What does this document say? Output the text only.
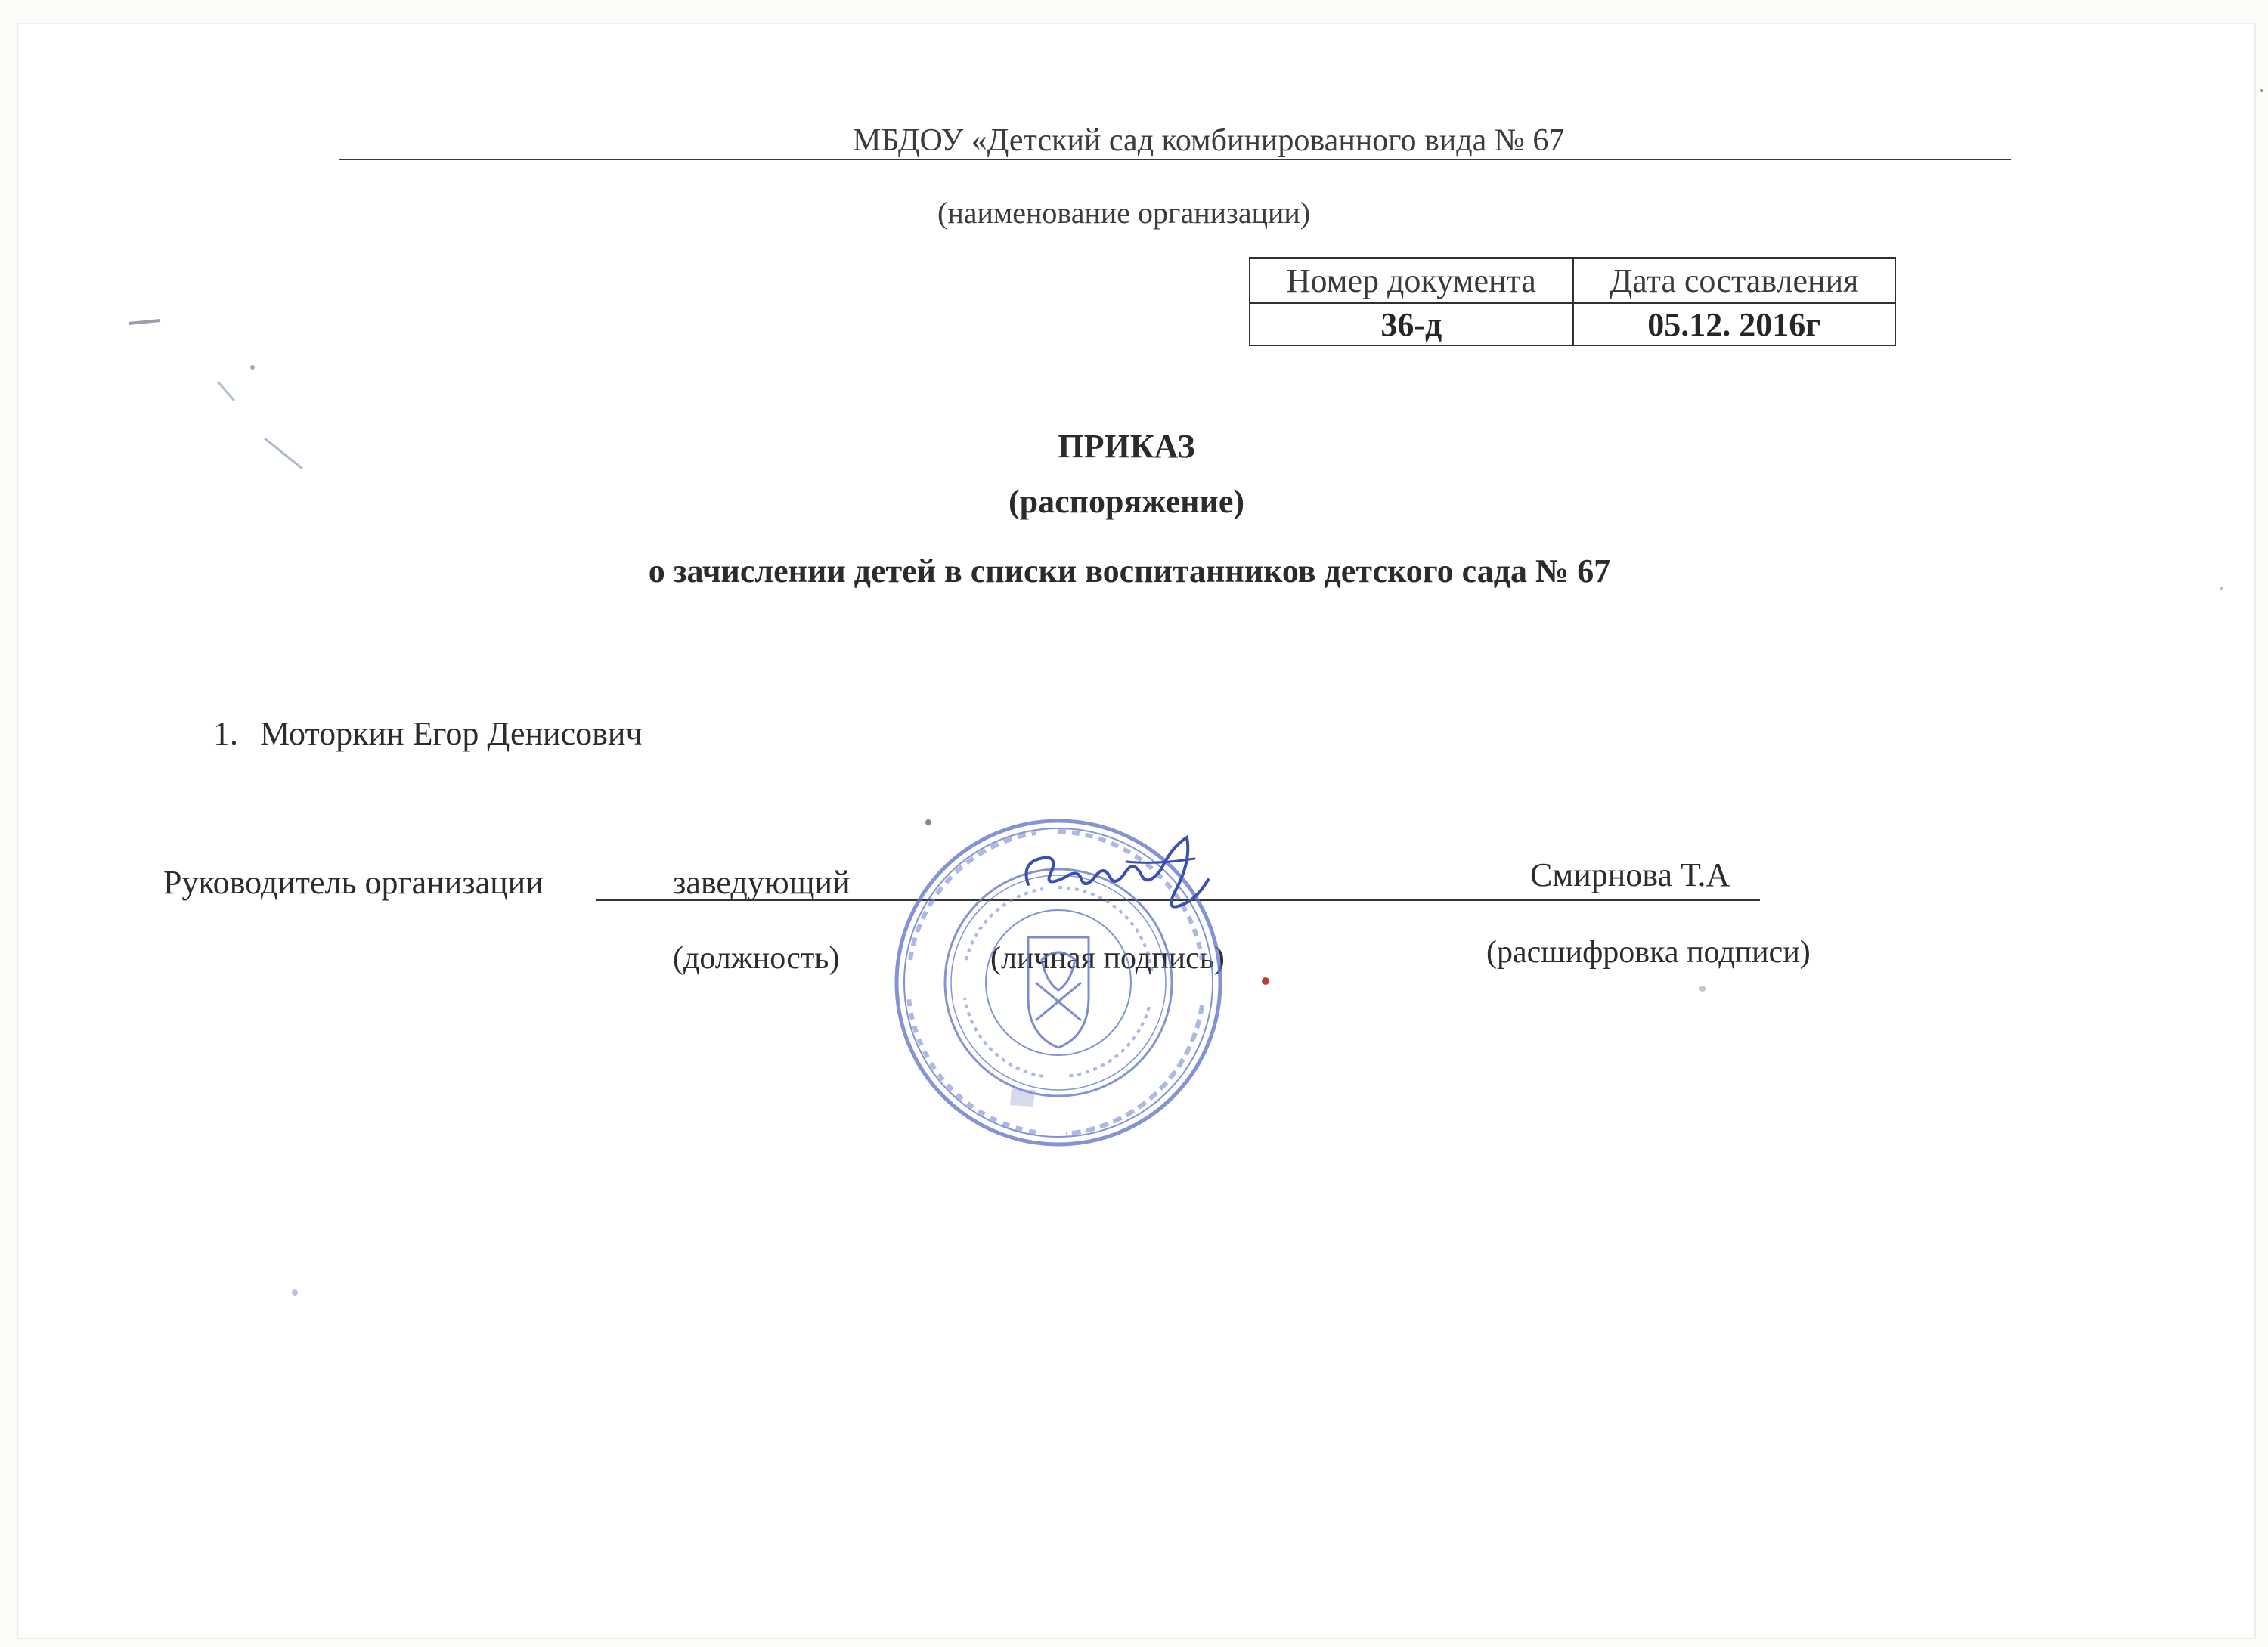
МБДОУ «Детский сад комбинированного вида № 67
(наименование организации)
Номер документа	Дата составления
36-д	05.12. 2016г
ПРИКАЗ
(распоряжение)
о зачислении детей в списки воспитанников детского сада № 67
1. Моторкин Егор Денисович
Руководитель организации	заведующий	Смирнова Т.А
(должность)	(личная подпись)	(расшифровка подписи)
